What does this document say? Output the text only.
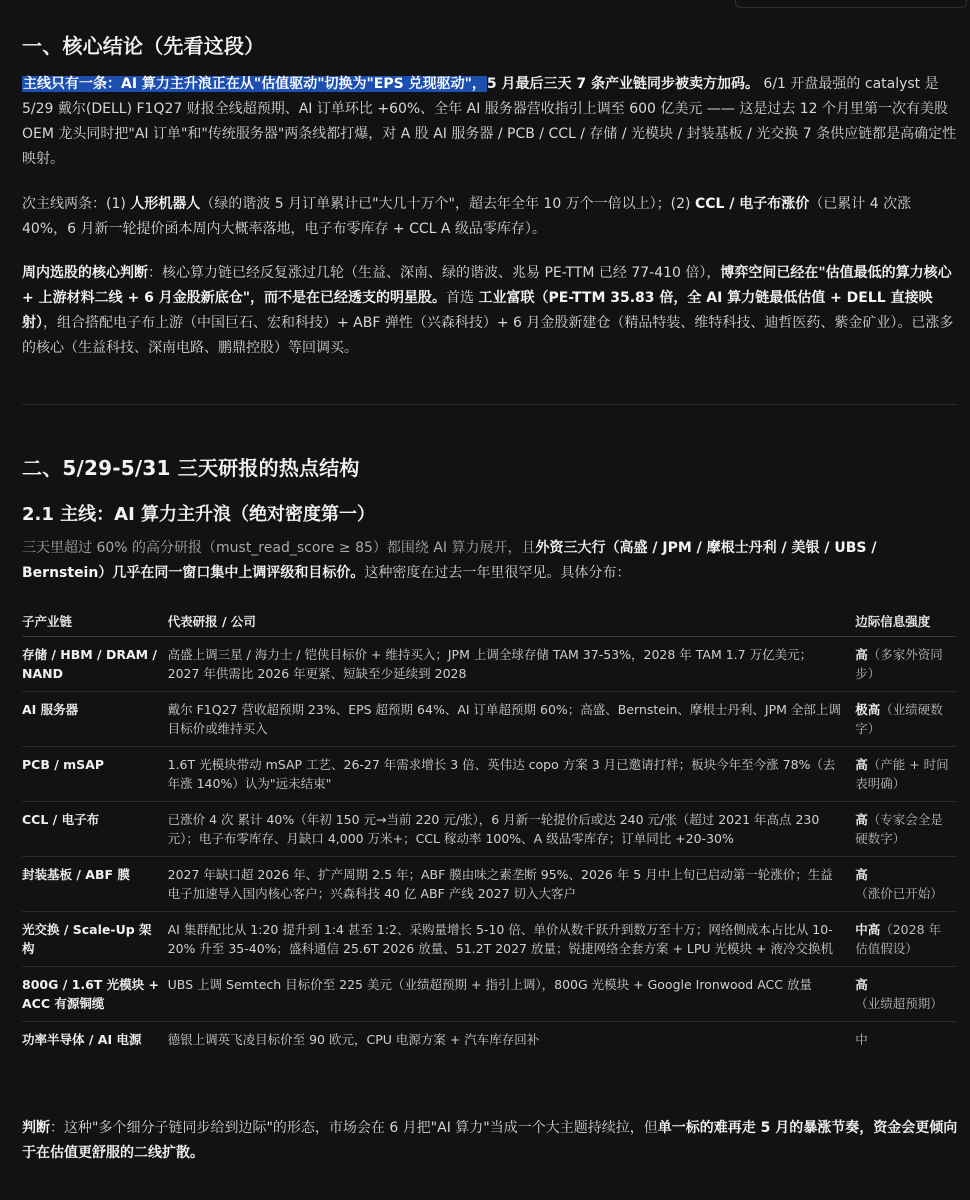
一、核心结论（先看这段）

主线只有一条：AI 算力主升浪正在从"估值驱动"切换为"EPS 兑现驱动"，5 月最后三天 7 条产业链同步被卖方加码。 6/1 开盘最强的 catalyst 是 5/29 戴尔(DELL) F1Q27 财报全线超预期、AI 订单环比 +60%、全年 AI 服务器营收指引上调至 600 亿美元 —— 这是过去 12 个月里第一次有美股 OEM 龙头同时把"AI 订单"和"传统服务器"两条线都打爆，对 A 股 AI 服务器 / PCB / CCL / 存储 / 光模块 / 封装基板 / 光交换 7 条供应链都是高确定性映射。

次主线两条：(1) 人形机器人（绿的谐波 5 月订单累计已"大几十万个"，超去年全年 10 万个一倍以上）；(2) CCL / 电子布涨价（已累计 4 次涨 40%，6 月新一轮提价函本周内大概率落地，电子布零库存 + CCL A 级品零库存）。

周内选股的核心判断：核心算力链已经反复涨过几轮（生益、深南、绿的谐波、兆易 PE-TTM 已经 77-410 倍），博弈空间已经在"估值最低的算力核心 + 上游材料二线 + 6 月金股新底仓"，而不是在已经透支的明星股。首选 工业富联（PE-TTM 35.83 倍，全 AI 算力链最低估值 + DELL 直接映射），组合搭配电子布上游（中国巨石、宏和科技）+ ABF 弹性（兴森科技）+ 6 月金股新建仓（精品特装、维特科技、迪哲医药、紫金矿业）。已涨多的核心（生益科技、深南电路、鹏鼎控股）等回调买。

二、5/29-5/31 三天研报的热点结构
2.1 主线：AI 算力主升浪（绝对密度第一）

三天里超过 60% 的高分研报（must_read_score ≥ 85）都围绕 AI 算力展开，且外资三大行（高盛 / JPM / 摩根士丹利 / 美银 / UBS / Bernstein）几乎在同一窗口集中上调评级和目标价。这种密度在过去一年里很罕见。具体分布：

子产业链	代表研报 / 公司	边际信息强度
存储 / HBM / DRAM / NAND	高盛上调三星 / 海力士 / 铠侠目标价 + 维持买入；JPM 上调全球存储 TAM 37-53%，2028 年 TAM 1.7 万亿美元；2027 年供需比 2026 年更紧、短缺至少延续到 2028	高（多家外资同步）
AI 服务器	戴尔 F1Q27 营收超预期 23%、EPS 超预期 64%、AI 订单超预期 60%；高盛、Bernstein、摩根士丹利、JPM 全部上调目标价或维持买入	极高（业绩硬数字）
PCB / mSAP	1.6T 光模块带动 mSAP 工艺、26-27 年需求增长 3 倍、英伟达 copo 方案 3 月已邀请打样；板块今年至今涨 78%（去年涨 140%）认为"远未结束"	高（产能 + 时间表明确）
CCL / 电子布	已涨价 4 次 累计 40%（年初 150 元→当前 220 元/张），6 月新一轮提价后或达 240 元/张（超过 2021 年高点 230 元）；电子布零库存、月缺口 4,000 万米+；CCL 稼动率 100%、A 级品零库存；订单同比 +20-30%	高（专家会全是硬数字）
封装基板 / ABF 膜	2027 年缺口超 2026 年、扩产周期 2.5 年；ABF 膜由味之素垄断 95%、2026 年 5 月中上旬已启动第一轮涨价；生益电子加速导入国内核心客户；兴森科技 40 亿 ABF 产线 2027 切入大客户	高（涨价已开始）
光交换 / Scale-Up 架构	AI 集群配比从 1:20 提升到 1:4 甚至 1:2、采购量增长 5-10 倍、单价从数千跃升到数万至十万；网络侧成本占比从 10-20% 升至 35-40%；盛科通信 25.6T 2026 放量、51.2T 2027 放量；锐捷网络全套方案 + LPU 光模块 + 液冷交换机	中高（2028 年估值假设）
800G / 1.6T 光模块 + ACC 有源铜缆	UBS 上调 Semtech 目标价至 225 美元（业绩超预期 + 指引上调），800G 光模块 + Google Ironwood ACC 放量	高（业绩超预期）
功率半导体 / AI 电源	德银上调英飞凌目标价至 90 欧元，CPU 电源方案 + 汽车库存回补	中

判断：这种"多个细分子链同步给到边际"的形态，市场会在 6 月把"AI 算力"当成一个大主题持续拉，但单一标的难再走 5 月的暴涨节奏，资金会更倾向于在估值更舒服的二线扩散。
